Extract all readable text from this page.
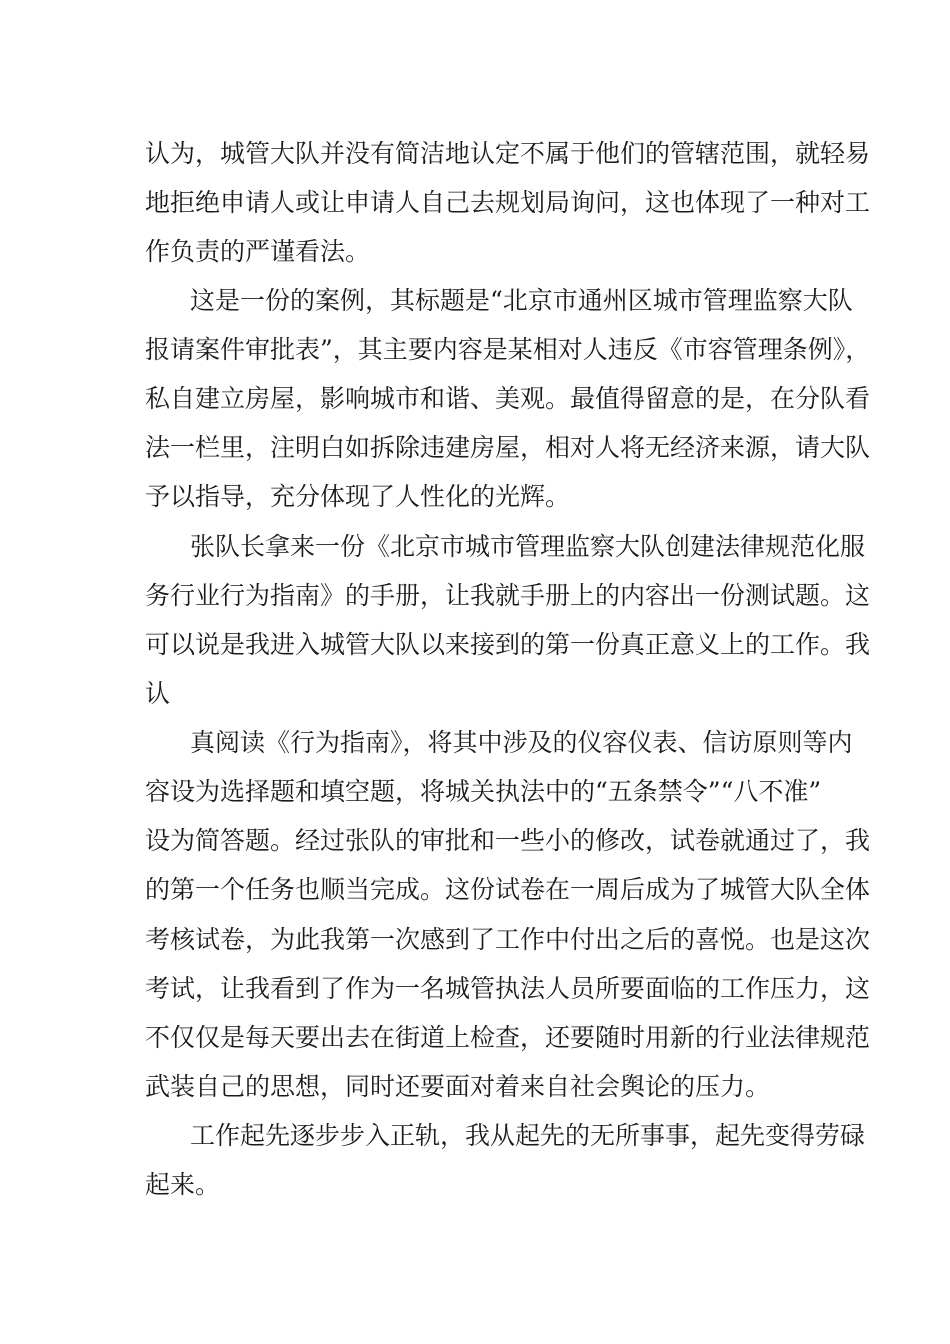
认为，城管大队并没有简洁地认定不属于他们的管辖范围，就轻易
地拒绝申请人或让申请人自己去规划局询问，这也体现了一种对工
作负责的严谨看法。
这是一份的案例，其标题是“北京市通州区城市管理监察大队
报请案件审批表”，其主要内容是某相对人违反《市容管理条例》，
私自建立房屋，影响城市和谐、美观。最值得留意的是，在分队看
法一栏里，注明白如拆除违建房屋，相对人将无经济来源，请大队
予以指导，充分体现了人性化的光辉。
张队长拿来一份《北京市城市管理监察大队创建法律规范化服
务行业行为指南》的手册，让我就手册上的内容出一份测试题。这
可以说是我进入城管大队以来接到的第一份真正意义上的工作。我
认
真阅读《行为指南》，将其中涉及的仪容仪表、信访原则等内
容设为选择题和填空题，将城关执法中的“五条禁令”“八不准”
设为简答题。经过张队的审批和一些小的修改，试卷就通过了，我
的第一个任务也顺当完成。这份试卷在一周后成为了城管大队全体
考核试卷，为此我第一次感到了工作中付出之后的喜悦。也是这次
考试，让我看到了作为一名城管执法人员所要面临的工作压力，这
不仅仅是每天要出去在街道上检查，还要随时用新的行业法律规范
武装自己的思想，同时还要面对着来自社会舆论的压力。
工作起先逐步步入正轨，我从起先的无所事事，起先变得劳碌
起来。
